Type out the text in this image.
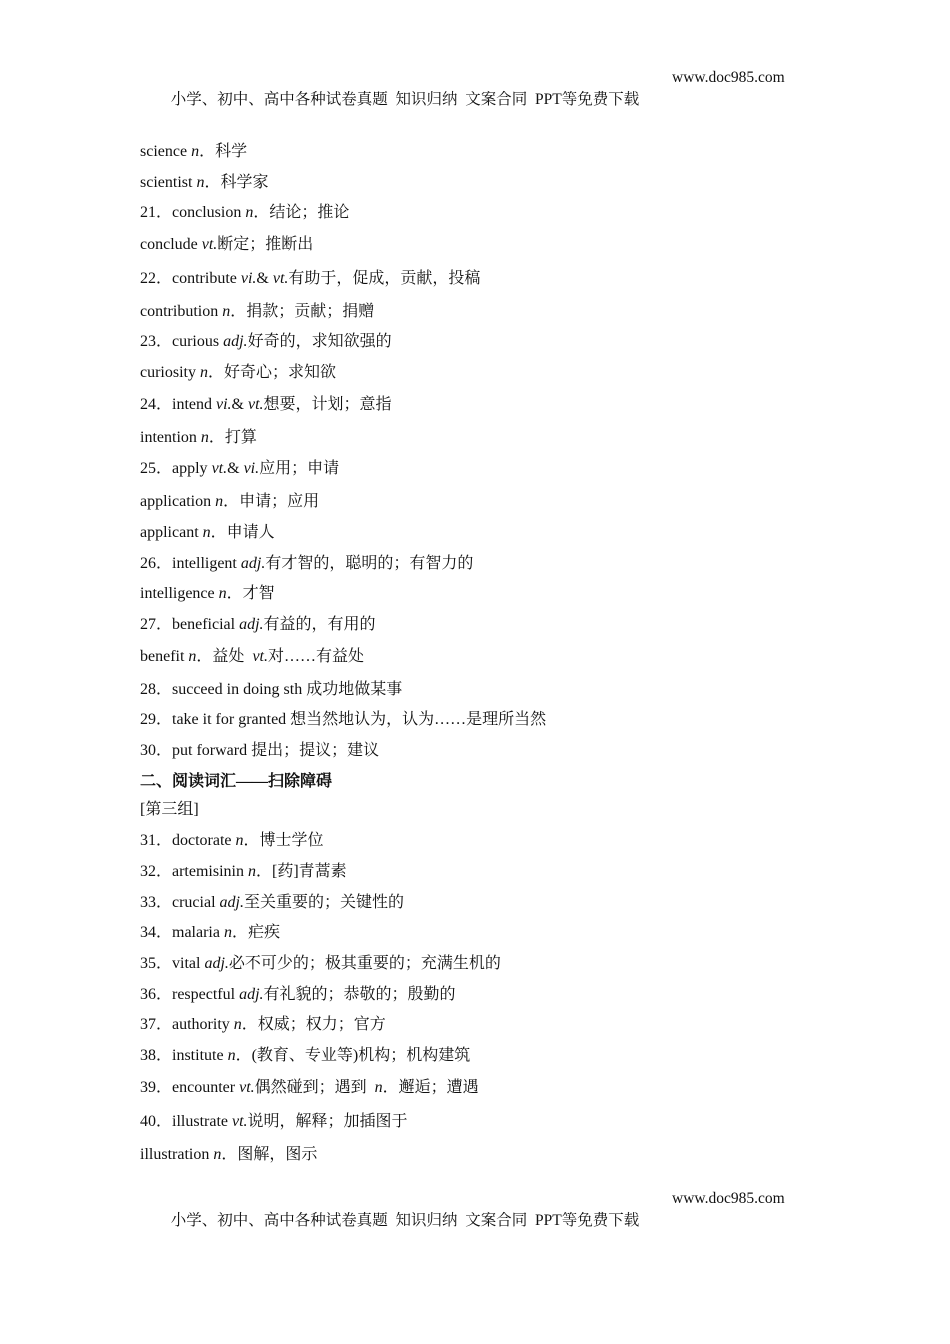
小学、初中、高中各种试卷真题  知识归纳  文案合同  PPT等免费下载

www.doc985.com

science n．科学
scientist n．科学家
21．conclusion n．结论；推论
conclude vt.断定；推断出
22．contribute vi.& vt.有助于，促成，贡献，投稿
contribution n．捐款；贡献；捐赠
23．curious adj.好奇的，求知欲强的
curiosity n．好奇心；求知欲
24．intend vi.& vt.想要，计划；意指
intention n．打算
25．apply vt.& vi.应用；申请
application n．申请；应用
applicant n．申请人
26．intelligent adj.有才智的，聪明的；有智力的
intelligence n．才智
27．beneficial adj.有益的，有用的
benefit n．益处  vt.对……有益处
28．succeed in doing sth 成功地做某事
29．take it for granted 想当然地认为，认为……是理所当然
30．put forward 提出；提议；建议
二、阅读词汇——扫除障碍
[第三组]
31．doctorate n．博士学位
32．artemisinin n．[药]青蒿素
33．crucial adj.至关重要的；关键性的
34．malaria n．疟疾
35．vital adj.必不可少的；极其重要的；充满生机的
36．respectful adj.有礼貌的；恭敬的；殷勤的
37．authority n．权威；权力；官方
38．institute n．(教育、专业等)机构；机构建筑
39．encounter vt.偶然碰到；遇到  n．邂逅；遭遇
40．illustrate vt.说明，解释；加插图于
illustration n．图解，图示

小学、初中、高中各种试卷真题  知识归纳  文案合同  PPT等免费下载

www.doc985.com
